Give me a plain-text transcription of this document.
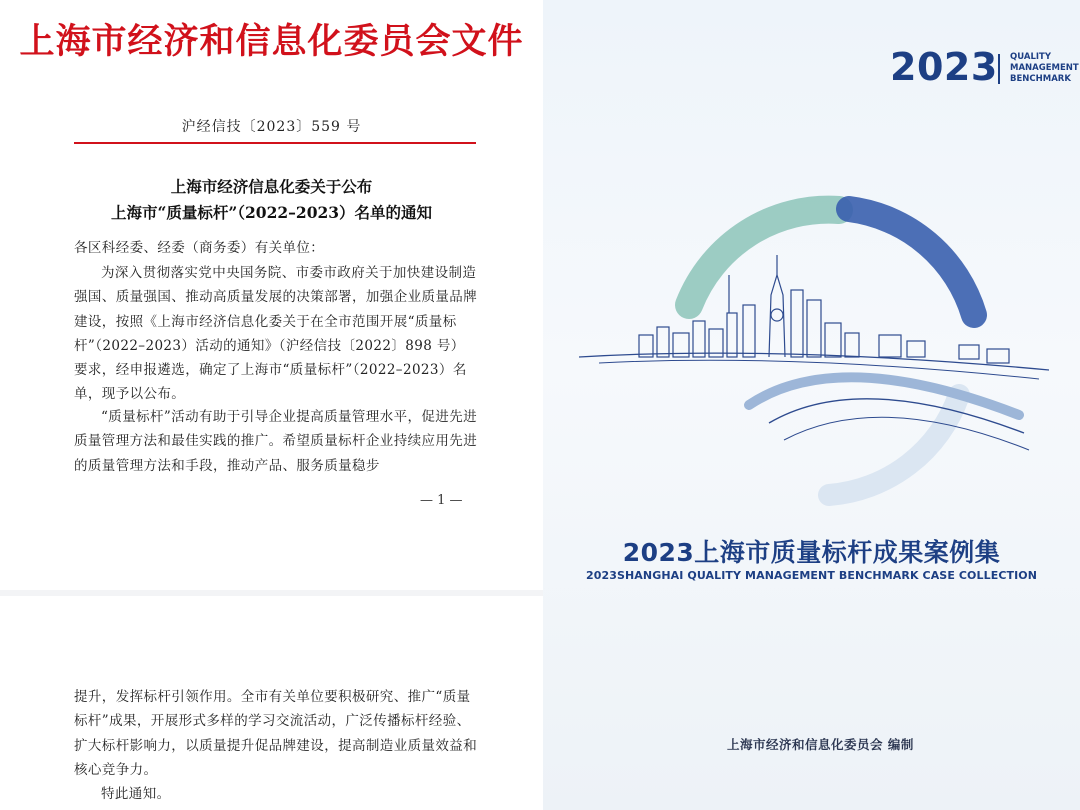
上海市经济和信息化委员会文件
沪经信技〔2023〕559 号
上海市经济信息化委关于公布
上海市“质量标杆”（2022–2023）名单的通知
各区科经委、经委（商务委）有关单位：
为深入贯彻落实党中央国务院、市委市政府关于加快建设制造强国、质量强国、推动高质量发展的决策部署，加强企业质量品牌建设，按照《上海市经济信息化委关于在全市范围开展“质量标杆”（2022–2023）活动的通知》（沪经信技〔2022〕898 号）要求，经申报遴选，确定了上海市“质量标杆”（2022–2023）名单，现予以公布。
“质量标杆”活动有助于引导企业提高质量管理水平，促进先进质量管理方法和最佳实践的推广。希望质量标杆企业持续应用先进的质量管理方法和手段，推动产品、服务质量稳步
— 1 —
提升，发挥标杆引领作用。全市有关单位要积极研究、推广“质量标杆”成果，开展形式多样的学习交流活动，广泛传播标杆经验、扩大标杆影响力，以质量提升促品牌建设，提高制造业质量效益和核心竞争力。
特此通知。
2023 QUALITY
MANAGEMENT
BENCHMARK
2023上海市质量标杆成果案例集
2023SHANGHAI QUALITY MANAGEMENT BENCHMARK CASE COLLECTION
上海市经济和信息化委员会 编制
